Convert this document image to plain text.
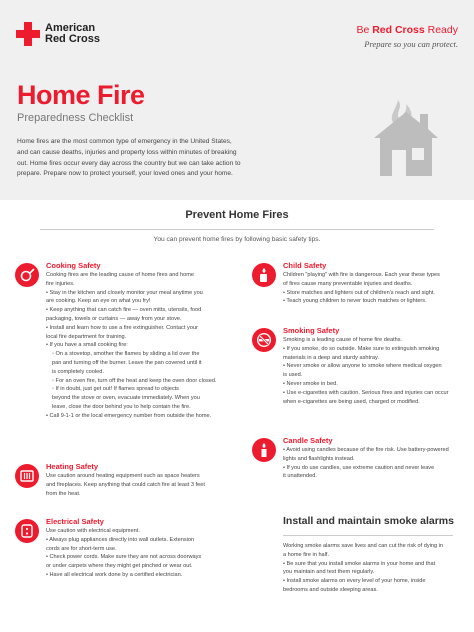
American
Red Cross
Be Red Cross Ready
Prepare so you can protect.
Home Fire
Preparedness Checklist
Home fires are the most common type of emergency in the United States,
and can cause deaths, injuries and property loss within minutes of breaking
out. Home fires occur every day across the country but we can take action to
prepare. Prepare now to protect yourself, your loved ones and your home.
Prevent Home Fires
You can prevent home fires by following basic safety tips.
Cooking Safety

Cooking fires are the leading cause of home fires and home

fire injuries.

• Stay in the kitchen and closely monitor your meal anytime you

are cooking. Keep an eye on what you fry!

• Keep anything that can catch fire — oven mitts, utensils, food

packaging, towels or curtains — away from your stove.

• Install and learn how to use a fire extinguisher. Contact your

local fire department for training.

• If you have a small cooking fire:

◦ On a stovetop, smother the flames by sliding a lid over the

pan and turning off the burner. Leave the pan covered until it

is completely cooled.

◦ For an oven fire, turn off the heat and keep the oven door closed.

◦ If in doubt, just get out! If flames spread to objects

beyond the stove or oven, evacuate immediately. When you

leave, close the door behind you to help contain the fire.

• Call 9-1-1 or the local emergency number from outside the home.

Heating Safety

Use caution around heating equipment such as space heaters

and fireplaces. Keep anything that could catch fire at least 3 feet

from the heat.

Electrical Safety

Use caution with electrical equipment.

• Always plug appliances directly into wall outlets. Extension

cords are for short-term use.

• Check power cords. Make sure they are not across doorways

or under carpets where they might get pinched or wear out.

• Have all electrical work done by a certified electrician.

Child Safety

Children "playing" with fire is dangerous. Each year these types

of fires cause many preventable injuries and deaths.

• Store matches and lighters out of children's reach and sight.

• Teach young children to never touch matches or lighters.

Smoking Safety

Smoking is a leading cause of home fire deaths.

• If you smoke, do so outside. Make sure to extinguish smoking

materials in a deep and sturdy ashtray.

• Never smoke or allow anyone to smoke where medical oxygen

is used.

• Never smoke in bed.

• Use e-cigarettes with caution. Serious fires and injuries can occur

when e-cigarettes are being used, charged or modified.

Candle Safety

• Avoid using candles because of the fire risk. Use battery-powered

lights and flashlights instead.

• If you do use candles, use extreme caution and never leave

it unattended.

Install and maintain smoke alarms

Working smoke alarms save lives and can cut the risk of dying in

a home fire in half.

• Be sure that you install smoke alarms in your home and that

you maintain and test them regularly.

• Install smoke alarms on every level of your home, inside

bedrooms and outside sleeping areas.
